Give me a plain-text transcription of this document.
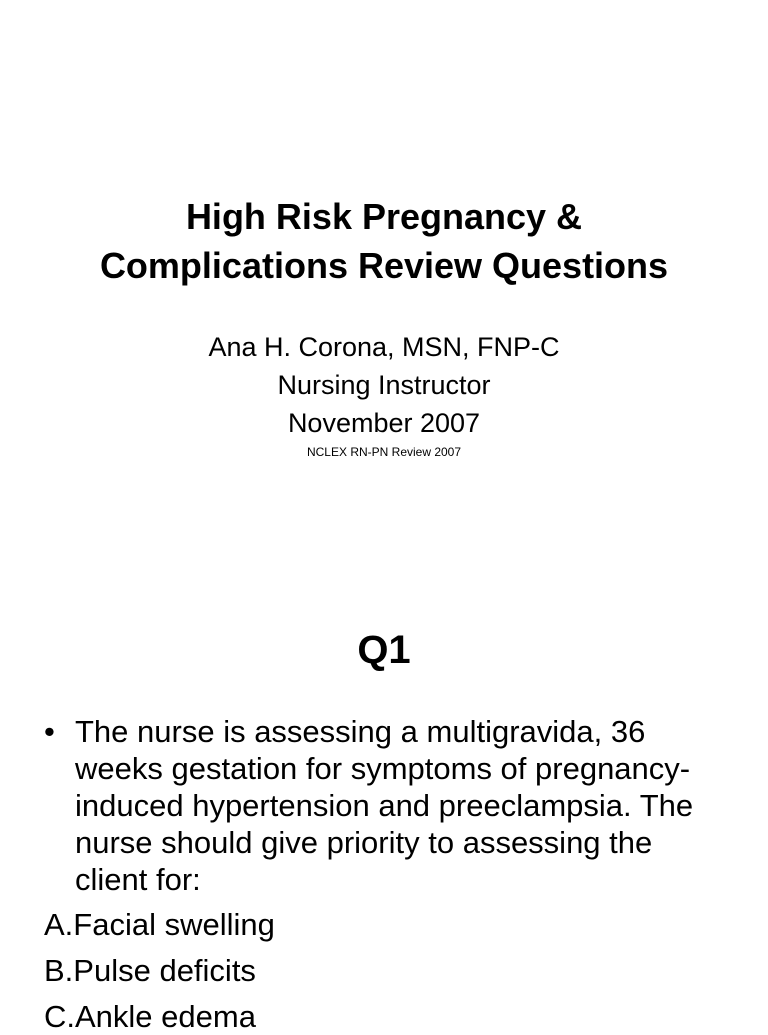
High Risk Pregnancy &
Complications Review Questions

Ana H. Corona, MSN, FNP-C

Nursing Instructor

November 2007

NCLEX RN-PN Review 2007
Q1
• The nurse is assessing a multigravida, 36 weeks gestation for symptoms of pregnancy-induced hypertension and preeclampsia. The nurse should give priority to assessing the client for:
A.Facial swelling
B.Pulse deficits
C.Ankle edema
